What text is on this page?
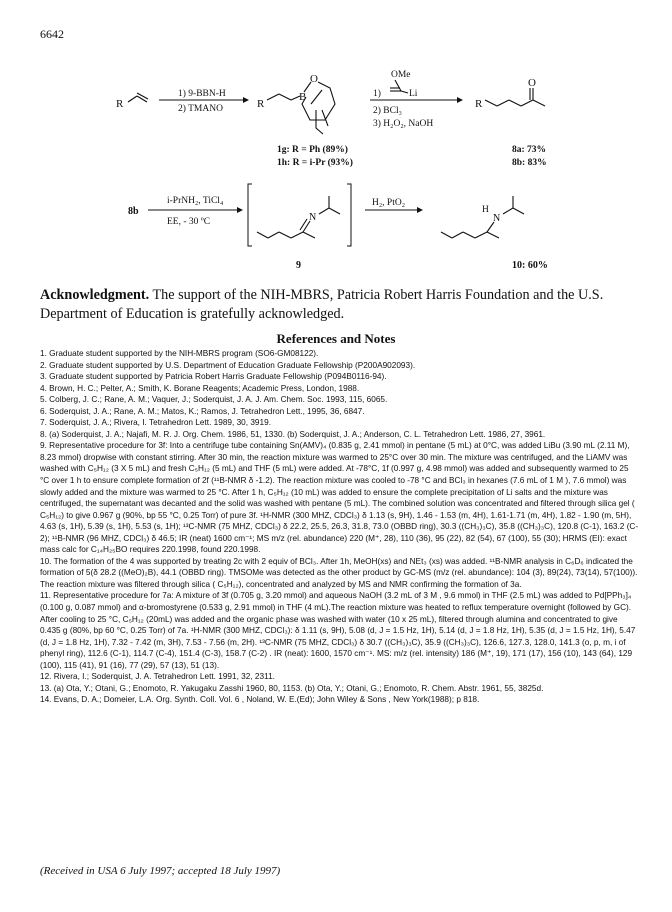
6642
R
1) 9-BBN-H
2) TMANO	R
O
B
OMe
Li
1)
2) BCl₃
3) H₂O₂, NaOH
R
O
1g: R = Ph (89%)
1h: R = i-Pr (93%)
8a: 73%
8b: 83%
8b
i-PrNH₂, TiCl₄
EE, - 30 ºC	N
H₂, PtO₂
H
N
9	10: 60%
Acknowledgment. The support of the NIH-MBRS, Patricia Robert Harris Foundation and the U.S. Department of Education is gratefully acknowledged.
References and Notes
1. Graduate student supported by the NIH-MBRS program (SO6-GM08122).
2. Graduate student supported by U.S. Department of Education Graduate Fellowship (P200A902093).
3. Graduate student supported by Patricia Robert Harris Graduate Fellowship (P094B0116-94).
4. Brown, H. C.; Pelter, A.; Smith, K. Borane Reagents; Academic Press, London, 1988.
5. Colberg, J. C.; Rane, A. M.; Vaquer, J.; Soderquist, J. A. J. Am. Chem. Soc. 1993, 115, 6065.
6. Soderquist, J. A.; Rane, A. M.; Matos, K.; Ramos, J. Tetrahedron Lett., 1995, 36, 6847.
7. Soderquist, J. A.; Rivera, I. Tetrahedron Lett. 1989, 30, 3919.
8. (a) Soderquist, J. A.; Najafi, M. R. J. Org. Chem. 1986, 51, 1330. (b) Soderquist, J. A.; Anderson, C. L. Tetrahedron Lett. 1986, 27, 3961.
9. Representative procedure for 3f: Into a centrifuge tube containing Sn(AMV)₄ (0.835 g, 2.41 mmol) in pentane (5 mL) at 0°C, was added LiBu (3.90 mL (2.11 M), 8.23 mmol) dropwise with constant stirring. After 30 min, the reaction mixture was warmed to 25°C over 30 min. The mixture was centrifuged, and the LiAMV was washed with C₅H₁₂ (3 X 5 mL) and fresh C₅H₁₂ (5 mL) and THF (5 mL) were added. At -78°C, 1f (0.997 g, 4.98 mmol) was added and subsequently warmed to 25 °C over 1 h to ensure complete formation of 2f (¹¹B-NMR δ -1.2). The reaction mixture was cooled to -78 °C and BCl₃ in hexanes (7.6 mL of 1 M ), 7.6 mmol) was slowly added and the mixture was warmed to 25 °C. After 1 h, C₅H₁₂ (10 mL) was added to ensure the complete precipitation of Li salts and the mixture was centrifuged, the supernatant was decanted and the solid was washed with pentane (5 mL). The combined solution was concentrated and filtered through silica gel ( C₅H₁₂) to give 0.967 g (90%, bp 55 °C, 0.25 Torr) of pure 3f. ¹H-NMR (300 MHZ, CDCl₃) δ 1.13 (s, 9H), 1.46 - 1.53 (m, 4H), 1.61-1.71 (m, 4H), 1.82 - 1.90 (m, 5H), 4.63 (s, 1H), 5.39 (s, 1H), 5.53 (s, 1H); ¹³C-NMR (75 MHZ, CDCl₃) δ 22.2, 25.5, 26.3, 31.8, 73.0 (OBBD ring), 30.3 ((CH₃)₃C), 35.8 ((CH₃)₃C), 120.8 (C-1), 163.2 (C-2); ¹¹B-NMR (96 MHZ, CDCl₃) δ 46.5; IR (neat) 1600 cm⁻¹; MS m/z (rel. abundance) 220 (M⁺, 28), 110 (36), 95 (22), 82 (54), 67 (100), 55 (30); HRMS (EI): exact mass calc for C₁₄H₂₅BO requires 220.1998, found 220.1998.
10. The formation of the 4 was supported by treating 2c with 2 equiv of BCl₃. After 1h, MeOH(xs) and NEt₃ (xs) was added. ¹¹B-NMR analysis in C₆D₆ indicated the formation of 5(δ 28.2 ((MeO)₂B), 44.1 (OBBD ring). TMSOMe was detected as the other product by GC-MS (m/z (rel. abundance): 104 (3), 89(24), 73(14), 57(100)). The reaction mixture was filtered through silica ( C₅H₁₂), concentrated and analyzed by MS and NMR confirming the formation of 3a.
11. Representative procedure for 7a: A mixture of 3f (0.705 g, 3.20 mmol) and aqueous NaOH (3.2 mL of 3 M , 9.6 mmol) in THF (2.5 mL) was added to Pd[PPh₃]₄ (0.100 g, 0.087 mmol) and α-bromostyrene (0.533 g, 2.91 mmol) in THF (4 mL).The reaction mixture was heated to reflux temperature overnight (followed by GC). After cooling to 25 °C, C₅H₁₂ (20mL) was added and the organic phase was washed with water (10 x 25 mL), filtered through alumina and concentrated to give 0.435 g (80%, bp 60 °C, 0.25 Torr) of 7a. ¹H-NMR (300 MHZ, CDCl₃): δ 1.11 (s, 9H), 5.08 (d, J = 1.5 Hz, 1H), 5.14 (d, J = 1.8 Hz, 1H), 5.35 (d, J = 1.5 Hz, 1H), 5.47 (d, J = 1.8 Hz, 1H), 7.32 - 7.42 (m, 3H), 7.53 - 7.56 (m, 2H). ¹³C-NMR (75 MHZ, CDCl₃) δ 30.7 ((CH₃)₃C), 35.9 ((CH₃)₃C), 126.6, 127.3, 128.0, 141.3 (o, p, m, i of phenyl ring), 112.6 (C-1), 114.7 (C-4), 151.4 (C-3), 158.7 (C-2) . IR (neat): 1600, 1570 cm⁻¹. MS: m/z (rel. intensity) 186 (M⁺, 19), 171 (17), 156 (10), 143 (64), 129 (100), 115 (41), 91 (16), 77 (29), 57 (13), 51 (13).
12. Rivera, I.; Soderquist, J. A. Tetrahedron Lett. 1991, 32, 2311.
13. (a) Ota, Y.; Otani, G.; Enomoto, R. Yakugaku Zasshi 1960, 80, 1153. (b) Ota, Y.; Otani, G.; Enomoto, R. Chem. Abstr. 1961, 55, 3825d.
14. Evans, D. A.; Domeier, L.A. Org. Synth. Coll. Vol. 6 , Noland, W. E.(Ed); John Wiley & Sons , New York(1988); p 818.
(Received in USA 6 July 1997; accepted 18 July 1997)
